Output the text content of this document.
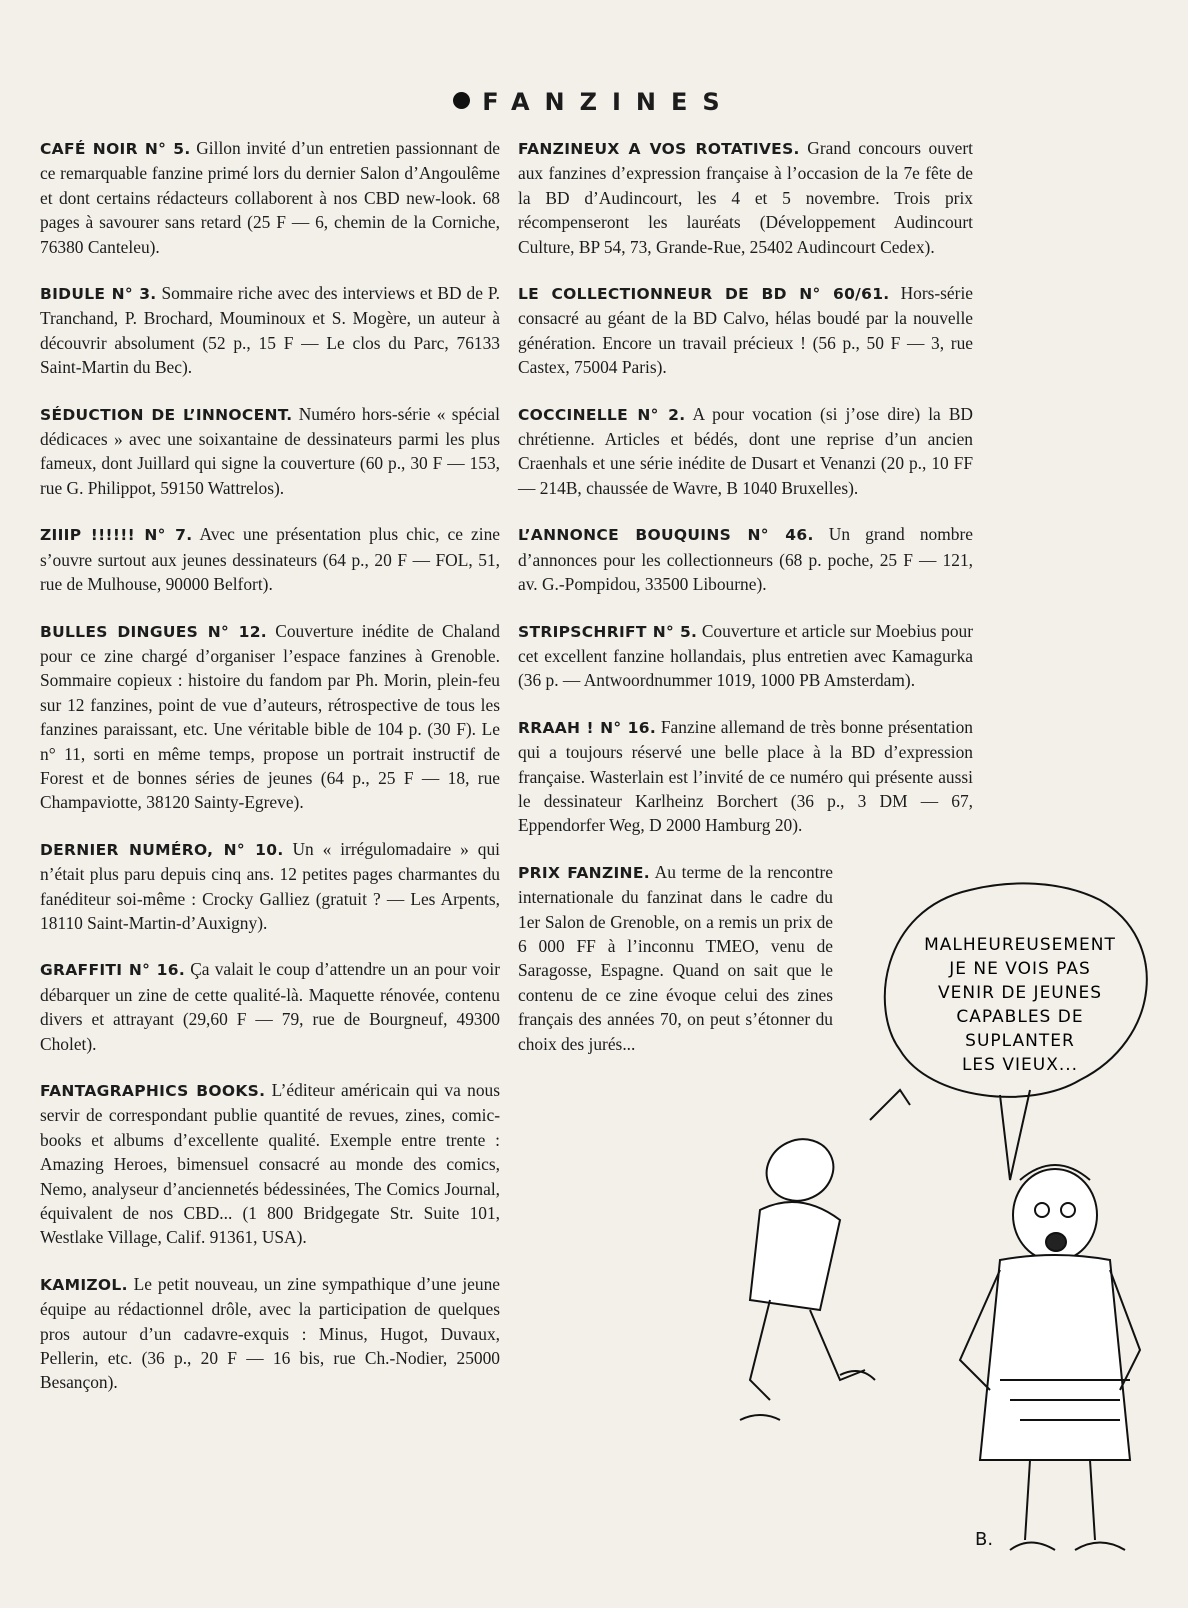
FANZINES

CAFÉ NOIR N° 5. Gillon invité d’un entretien passionnant de ce remarquable fanzine primé lors du dernier Salon d’Angoulême et dont certains rédacteurs collaborent à nos CBD new-look. 68 pages à savourer sans retard (25 F — 6, chemin de la Corniche, 76380 Canteleu).

BIDULE N° 3. Sommaire riche avec des interviews et BD de P. Tranchand, P. Brochard, Mouminoux et S. Mogère, un auteur à découvrir absolument (52 p., 15 F — Le clos du Parc, 76133 Saint-Martin du Bec).

SÉDUCTION DE L’INNOCENT. Numéro hors-série « spécial dédicaces » avec une soixantaine de dessinateurs parmi les plus fameux, dont Juillard qui signe la couverture (60 p., 30 F — 153, rue G. Philippot, 59150 Wattrelos).

ZIIIP !!!!!! N° 7. Avec une présentation plus chic, ce zine s’ouvre surtout aux jeunes dessinateurs (64 p., 20 F — FOL, 51, rue de Mulhouse, 90000 Belfort).

BULLES DINGUES N° 12. Couverture inédite de Chaland pour ce zine chargé d’organiser l’espace fanzines à Grenoble. Sommaire copieux : histoire du fandom par Ph. Morin, plein-feu sur 12 fanzines, point de vue d’auteurs, rétrospective de tous les fanzines paraissant, etc. Une véritable bible de 104 p. (30 F). Le n° 11, sorti en même temps, propose un portrait instructif de Forest et de bonnes séries de jeunes (64 p., 25 F — 18, rue Champaviotte, 38120 Sainty-Egreve).

DERNIER NUMÉRO, N° 10. Un « irrégulomadaire » qui n’était plus paru depuis cinq ans. 12 petites pages charmantes du fanéditeur soi-même : Crocky Galliez (gratuit ? — Les Arpents, 18110 Saint-Martin-d’Auxigny).

GRAFFITI N° 16. Ça valait le coup d’attendre un an pour voir débarquer un zine de cette qualité-là. Maquette rénovée, contenu divers et attrayant (29,60 F — 79, rue de Bourgneuf, 49300 Cholet).

FANTAGRAPHICS BOOKS. L’éditeur américain qui va nous servir de correspondant publie quantité de revues, zines, comic-books et albums d’excellente qualité. Exemple entre trente : Amazing Heroes, bimensuel consacré au monde des comics, Nemo, analyseur d’anciennetés bédessinées, The Comics Journal, équivalent de nos CBD... (1 800 Bridgegate Str. Suite 101, Westlake Village, Calif. 91361, USA).

KAMIZOL. Le petit nouveau, un zine sympathique d’une jeune équipe au rédactionnel drôle, avec la participation de quelques pros autour d’un cadavre-exquis : Minus, Hugot, Duvaux, Pellerin, etc. (36 p., 20 F — 16 bis, rue Ch.-Nodier, 25000 Besançon).

FANZINEUX A VOS ROTATIVES. Grand concours ouvert aux fanzines d’expression française à l’occasion de la 7e fête de la BD d’Audincourt, les 4 et 5 novembre. Trois prix récompenseront les lauréats (Développement Audincourt Culture, BP 54, 73, Grande-Rue, 25402 Audincourt Cedex).

LE COLLECTIONNEUR DE BD N° 60/61. Hors-série consacré au géant de la BD Calvo, hélas boudé par la nouvelle génération. Encore un travail précieux ! (56 p., 50 F — 3, rue Castex, 75004 Paris).

COCCINELLE N° 2. A pour vocation (si j’ose dire) la BD chrétienne. Articles et bédés, dont une reprise d’un ancien Craenhals et une série inédite de Dusart et Venanzi (20 p., 10 FF — 214B, chaussée de Wavre, B 1040 Bruxelles).

L’ANNONCE BOUQUINS N° 46. Un grand nombre d’annonces pour les collectionneurs (68 p. poche, 25 F — 121, av. G.-Pompidou, 33500 Libourne).

STRIPSCHRIFT N° 5. Couverture et article sur Moebius pour cet excellent fanzine hollandais, plus entretien avec Kamagurka (36 p. — Antwoordnummer 1019, 1000 PB Amsterdam).

RRAAH ! N° 16. Fanzine allemand de très bonne présentation qui a toujours réservé une belle place à la BD d’expression française. Wasterlain est l’invité de ce numéro qui présente aussi le dessinateur Karlheinz Borchert (36 p., 3 DM — 67, Eppendorfer Weg, D 2000 Hamburg 20).

PRIX FANZINE. Au terme de la rencontre internationale du fanzinat dans le cadre du 1er Salon de Grenoble, on a remis un prix de 6 000 FF à l’inconnu TMEO, venu de Saragosse, Espagne. Quand on sait que le contenu de ce zine évoque celui des zines français des années 70, on peut s’étonner du choix des jurés...

MALHEUREUSEMENT
JE NE VOIS PAS
VENIR DE JEUNES
CAPABLES DE
SUPLANTER
LES VIEUX...
B.
